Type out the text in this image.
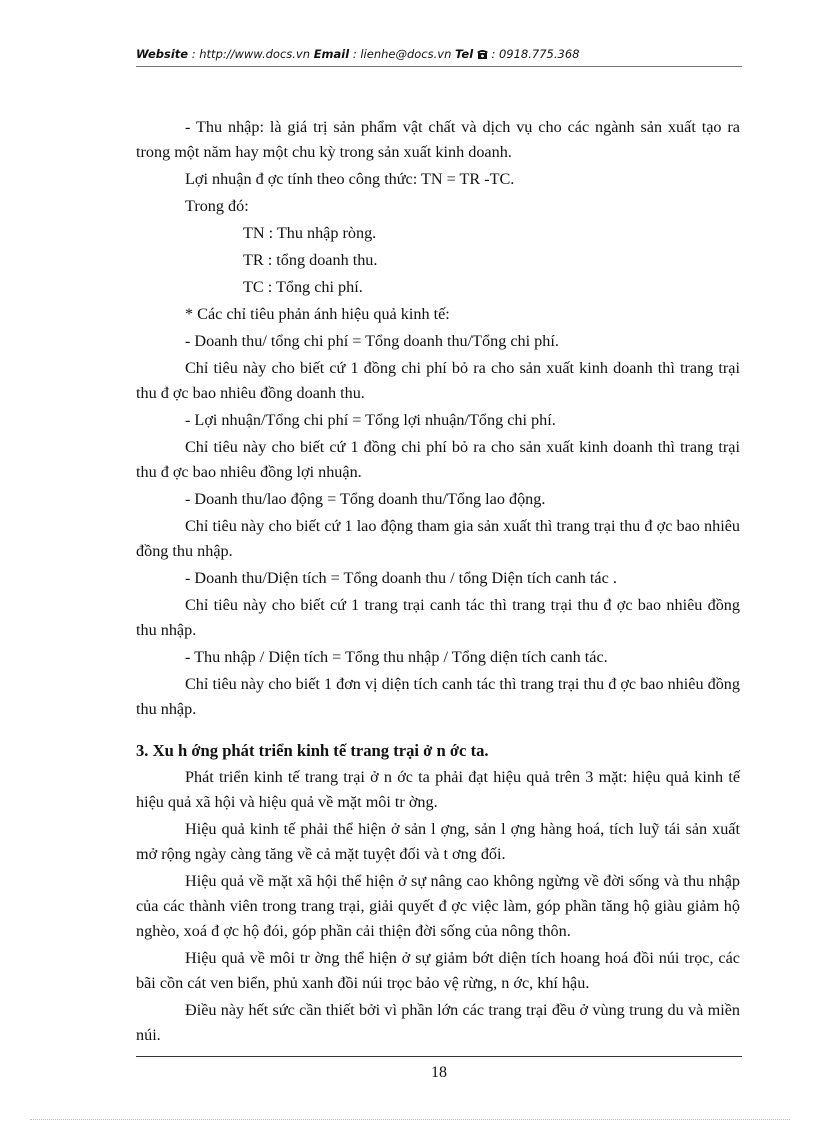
Website : http://www.docs.vn Email : lienhe@docs.vn Tel  : 0918.775.368

- Thu nhập: là giá trị sản phẩm vật chất và dịch vụ cho các ngành sản xuất tạo ra trong một năm hay một chu kỳ trong sản xuất kinh doanh.

Lợi nhuận đ ợc tính theo công thức: TN = TR -TC.

Trong đó:

TN : Thu nhập ròng.

TR : tổng doanh thu.

TC : Tổng chi phí.

* Các chỉ tiêu phản ánh hiệu quả kinh tế:

- Doanh thu/ tổng chi phí = Tổng doanh thu/Tổng chi phí.

Chỉ tiêu này cho biết cứ 1 đồng chi phí bỏ ra cho sản xuất kinh doanh thì trang trại thu đ ợc bao nhiêu đồng doanh thu.

- Lợi nhuận/Tổng chi phí = Tổng lợi nhuận/Tổng chi phí.

Chỉ tiêu này cho biết cứ 1 đồng chi phí bỏ ra cho sản xuất kinh doanh thì trang trại thu đ ợc bao nhiêu đồng lợi nhuận.

- Doanh thu/lao động = Tổng doanh thu/Tổng lao động.

Chỉ tiêu này cho biết cứ 1 lao động tham gia sản xuất thì trang trại thu đ ợc bao nhiêu đồng thu nhập.

- Doanh thu/Diện tích = Tổng doanh thu / tổng Diện tích canh tác .

Chỉ tiêu này cho biết cứ 1 trang trại canh tác thì trang trại thu đ ợc bao nhiêu đồng thu nhập.

- Thu nhập / Diện tích = Tổng thu nhập / Tổng diện tích canh tác.

Chỉ tiêu này cho biết 1 đơn vị diện tích canh tác thì trang trại thu đ ợc bao nhiêu đồng thu nhập.

3. Xu h ớng phát triển kinh tế trang trại ở n ớc ta.

Phát triển kinh tế trang trại ở n ớc ta phải đạt hiệu quả trên 3 mặt: hiệu quả kinh tế hiệu quả xã hội và hiệu quả về mặt môi tr ờng.

Hiệu quả kinh tế phải thể hiện ở sản l ợng, sản l ợng hàng hoá, tích luỹ tái sản xuất mở rộng ngày càng tăng về cả mặt tuyệt đối và t ơng đối.

Hiệu quả về mặt xã hội thể hiện ở sự nâng cao không ngừng về đời sống và thu nhập của các thành viên trong trang trại, giải quyết đ ợc việc làm, góp phần tăng hộ giàu giảm hộ nghèo, xoá đ ợc hộ đói, góp phần cải thiện đời sống của nông thôn.

Hiệu quả về môi tr ờng thể hiện ở sự giảm bớt diện tích hoang hoá đồi núi trọc, các bãi cồn cát ven biển, phủ xanh đồi núi trọc bảo vệ rừng, n ớc, khí hậu.

Điều này hết sức cần thiết bởi vì phần lớn các trang trại đều ở vùng trung du và miền núi.

18
